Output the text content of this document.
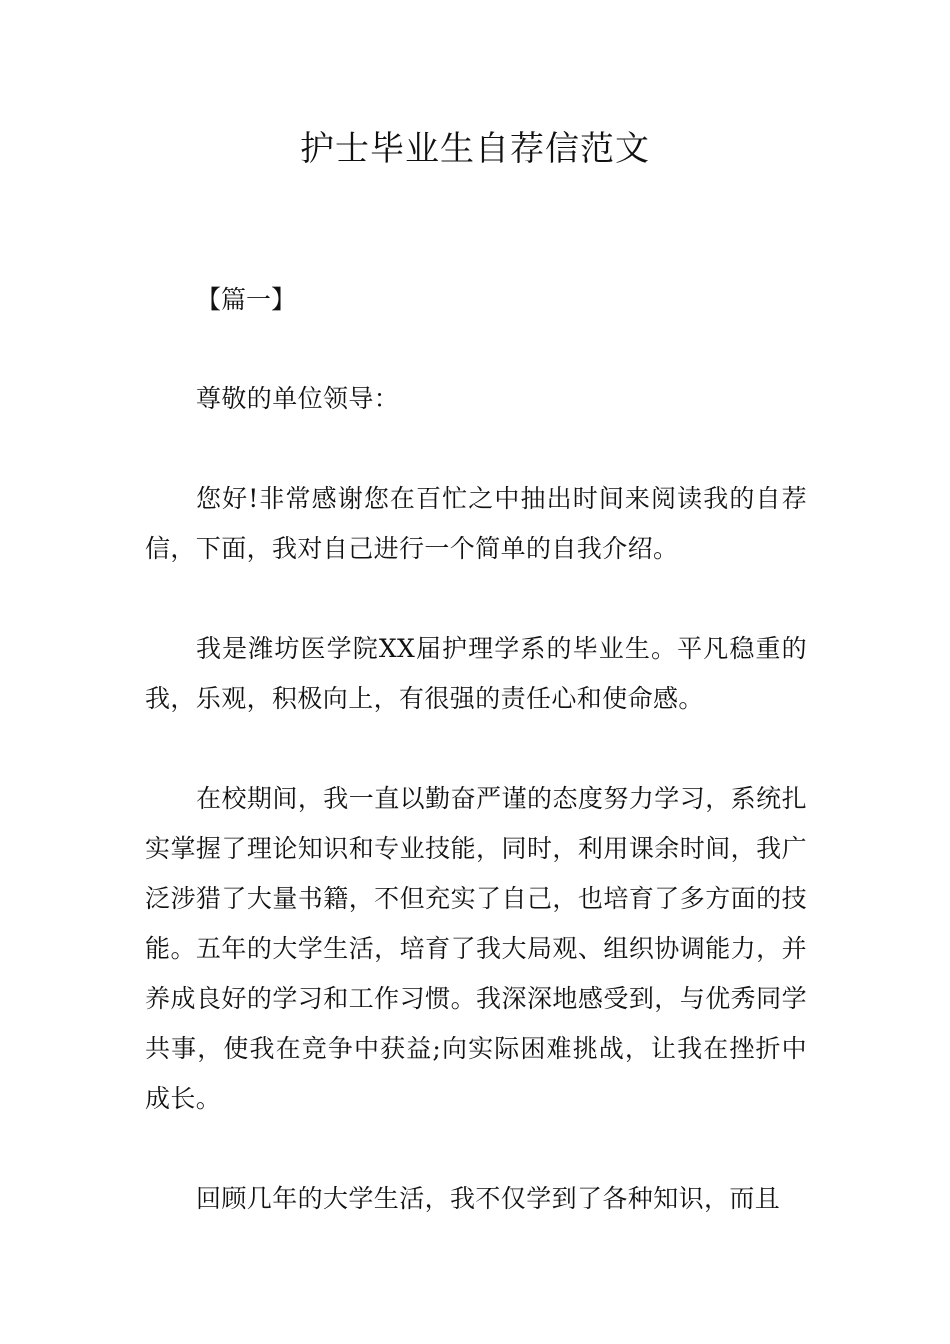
护士毕业生自荐信范文
【篇一】

尊敬的单位领导：

您好!非常感谢您在百忙之中抽出时间来阅读我的自荐信，下面，我对自己进行一个简单的自我介绍。

我是潍坊医学院XX届护理学系的毕业生。平凡稳重的我，乐观，积极向上，有很强的责任心和使命感。

在校期间，我一直以勤奋严谨的态度努力学习，系统扎实掌握了理论知识和专业技能，同时，利用课余时间，我广泛涉猎了大量书籍，不但充实了自己，也培育了多方面的技能。五年的大学生活，培育了我大局观、组织协调能力，并养成良好的学习和工作习惯。我深深地感受到，与优秀同学共事，使我在竞争中获益;向实际困难挑战，让我在挫折中成长。

回顾几年的大学生活，我不仅学到了各种知识，而且
